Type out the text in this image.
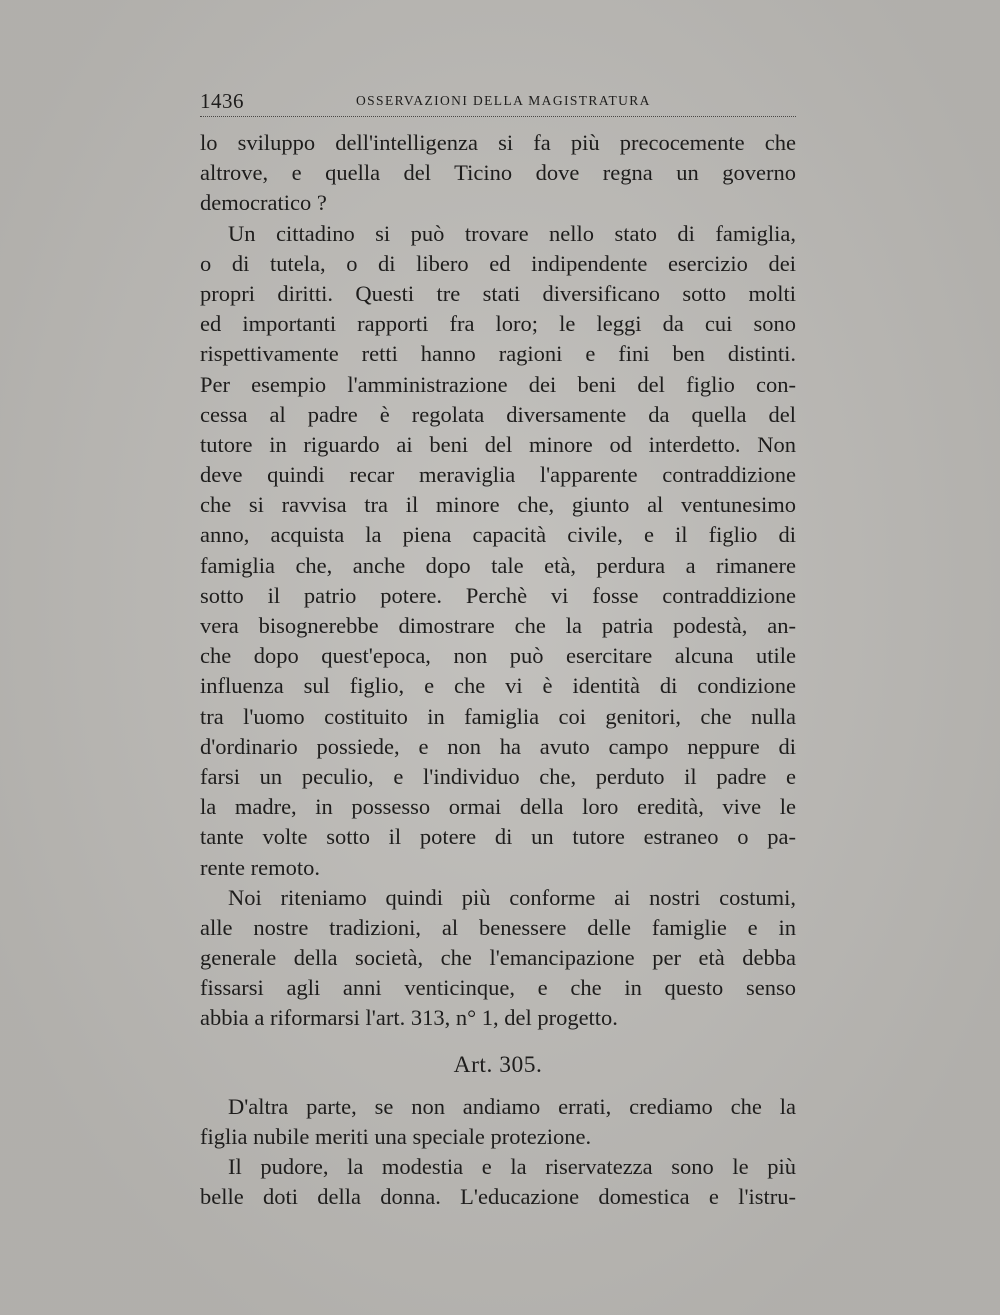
1436	OSSERVAZIONI DELLA MAGISTRATURA
lo sviluppo dell'intelligenza si fa più precocemente che
altrove, e quella del Ticino dove regna un governo
democratico ?
Un cittadino si può trovare nello stato di famiglia,
o di tutela, o di libero ed indipendente esercizio dei
propri diritti. Questi tre stati diversificano sotto molti
ed importanti rapporti fra loro; le leggi da cui sono
rispettivamente retti hanno ragioni e fini ben distinti.
Per esempio l'amministrazione dei beni del figlio con-
cessa al padre è regolata diversamente da quella del
tutore in riguardo ai beni del minore od interdetto. Non
deve quindi recar meraviglia l'apparente contraddizione
che si ravvisa tra il minore che, giunto al ventunesimo
anno, acquista la piena capacità civile, e il figlio di
famiglia che, anche dopo tale età, perdura a rimanere
sotto il patrio potere. Perchè vi fosse contraddizione
vera bisognerebbe dimostrare che la patria podestà, an-
che dopo quest'epoca, non può esercitare alcuna utile
influenza sul figlio, e che vi è identità di condizione
tra l'uomo costituito in famiglia coi genitori, che nulla
d'ordinario possiede, e non ha avuto campo neppure di
farsi un peculio, e l'individuo che, perduto il padre e
la madre, in possesso ormai della loro eredità, vive le
tante volte sotto il potere di un tutore estraneo o pa-
rente remoto.
Noi riteniamo quindi più conforme ai nostri costumi,
alle nostre tradizioni, al benessere delle famiglie e in
generale della società, che l'emancipazione per età debba
fissarsi agli anni venticinque, e che in questo senso
abbia a riformarsi l'art. 313, n° 1, del progetto.
Art. 305.
D'altra parte, se non andiamo errati, crediamo che la
figlia nubile meriti una speciale protezione.
Il pudore, la modestia e la riservatezza sono le più
belle doti della donna. L'educazione domestica e l'istru-
